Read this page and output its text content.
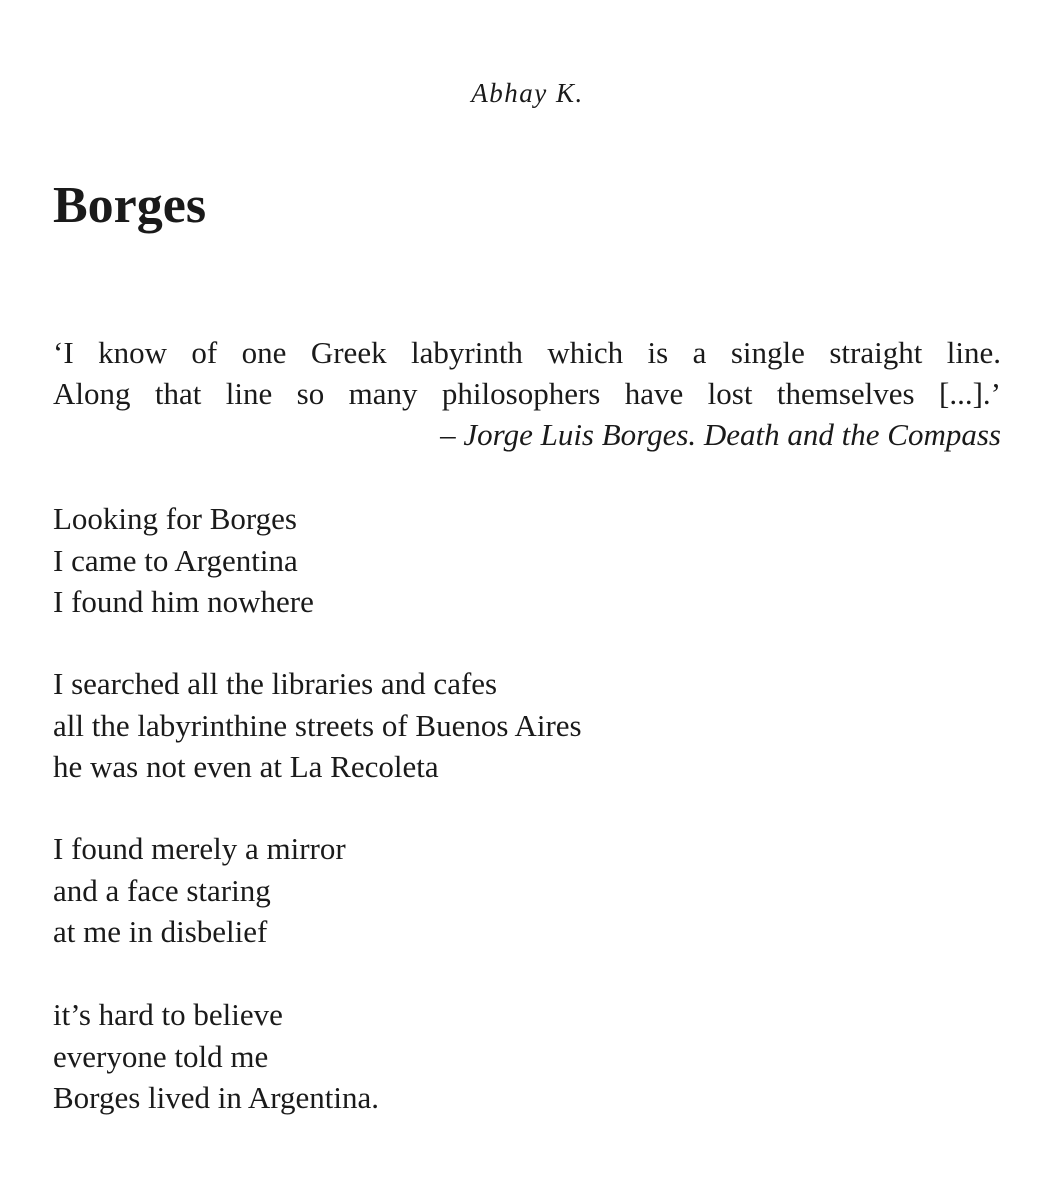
Abhay K.
Borges
‘I know of one Greek labyrinth which is a single straight line.
Along that line so many philosophers have lost themselves [...].’
– Jorge Luis Borges. Death and the Compass
Looking for Borges
I came to Argentina
I found him nowhere
I searched all the libraries and cafes
all the labyrinthine streets of Buenos Aires
he was not even at La Recoleta
I found merely a mirror
and a face staring
at me in disbelief
it’s hard to believe
everyone told me
Borges lived in Argentina.
